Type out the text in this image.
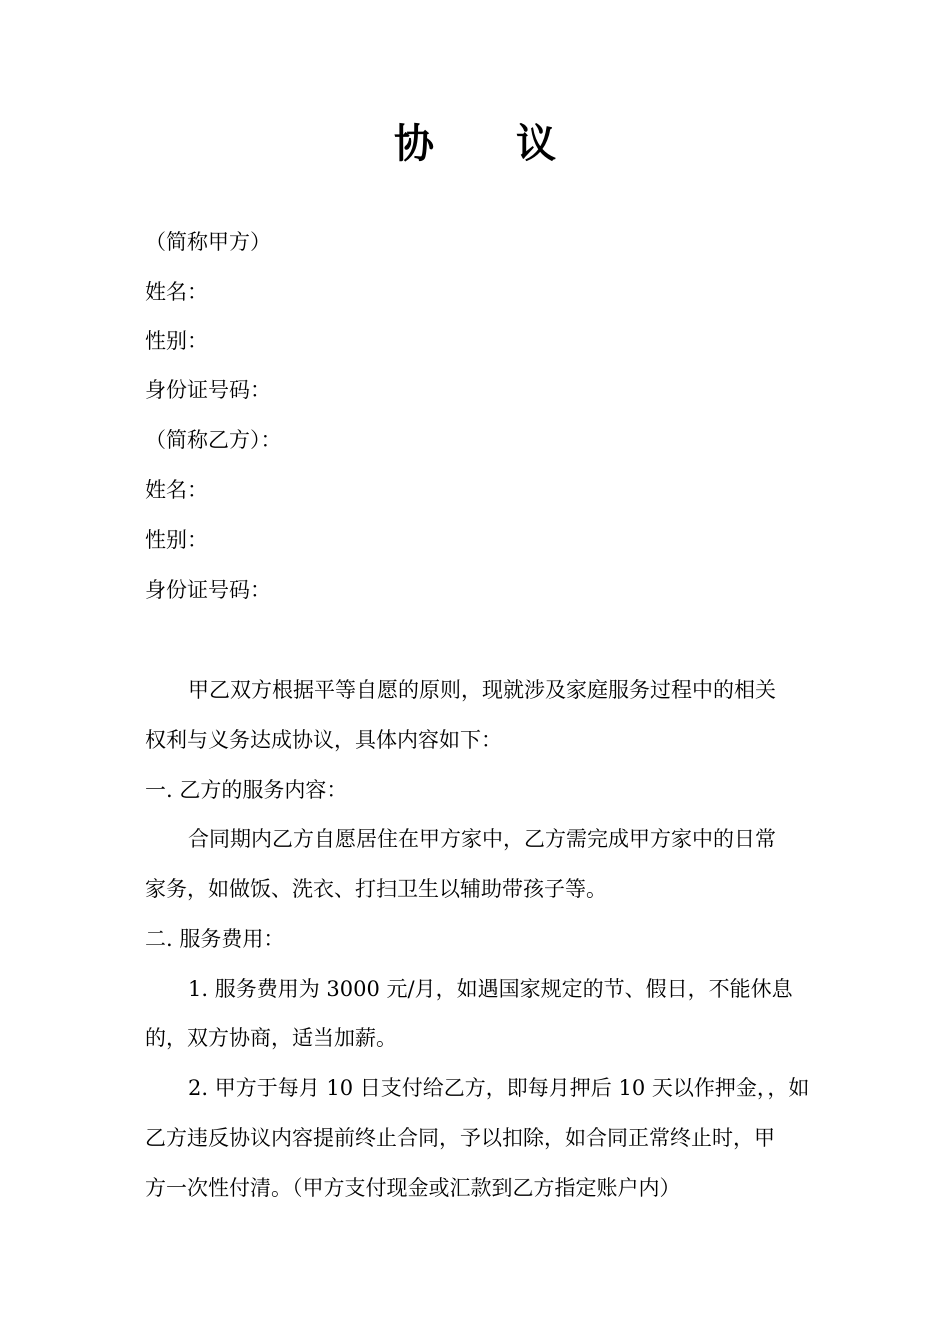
协 议
（简称甲方）
姓名：
性别：
身份证号码：
（简称乙方）：
姓名：
性别：
身份证号码：
甲乙双方根据平等自愿的原则，现就涉及家庭服务过程中的相关
权利与义务达成协议，具体内容如下：
一. 乙方的服务内容：
合同期内乙方自愿居住在甲方家中，乙方需完成甲方家中的日常
家务，如做饭、洗衣、打扫卫生以辅助带孩子等。
二. 服务费用：
1. 服务费用为 3000 元/月，如遇国家规定的节、假日，不能休息
的，双方协商，适当加薪。
2. 甲方于每月 10 日支付给乙方，即每月押后 10 天以作押金，，如
乙方违反协议内容提前终止合同，予以扣除，如合同正常终止时，甲
方一次性付清。（甲方支付现金或汇款到乙方指定账户内）
